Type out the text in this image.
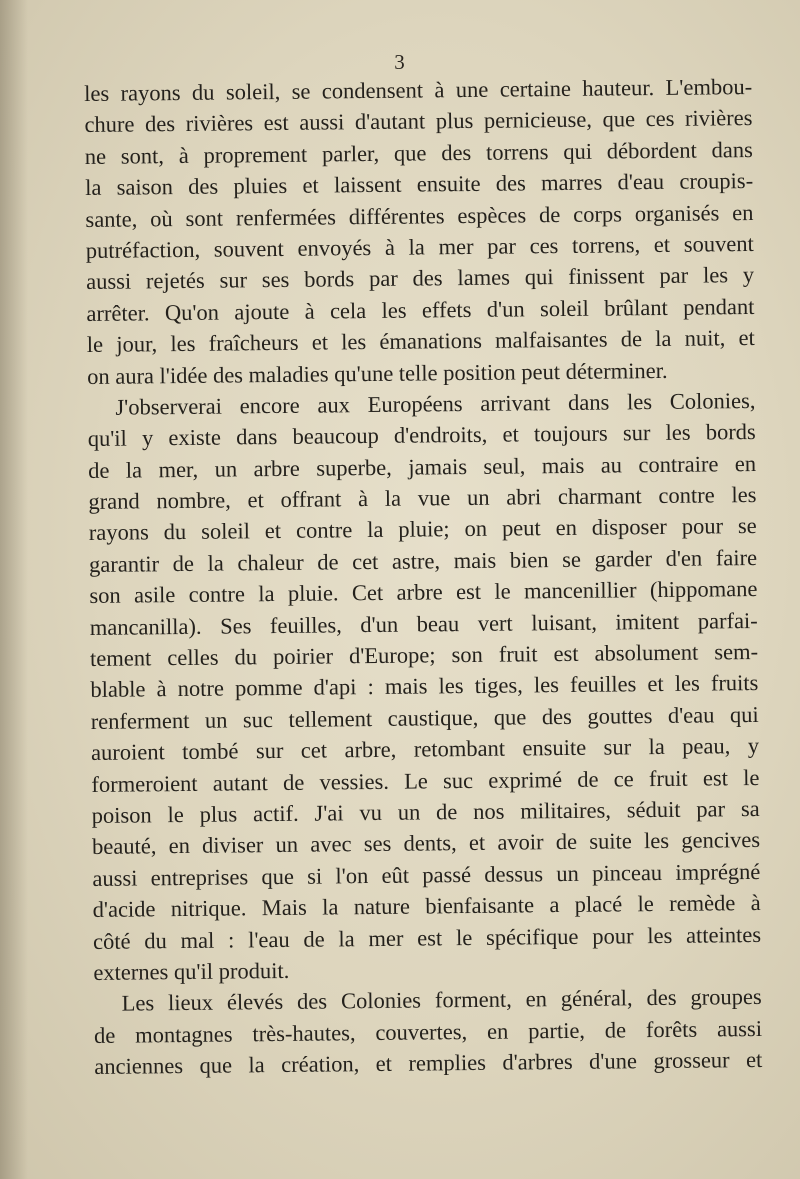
3
les rayons du soleil, se condensent à une certaine hauteur. L'embou-
chure des rivières est aussi d'autant plus pernicieuse, que ces rivières
ne sont, à proprement parler, que des torrens qui débordent dans
la saison des pluies et laissent ensuite des marres d'eau croupis-
sante, où sont renfermées différentes espèces de corps organisés en
putréfaction, souvent envoyés à la mer par ces torrens, et souvent
aussi rejetés sur ses bords par des lames qui finissent par les y
arrêter. Qu'on ajoute à cela les effets d'un soleil brûlant pendant
le jour, les fraîcheurs et les émanations malfaisantes de la nuit, et
on aura l'idée des maladies qu'une telle position peut déterminer.
J'observerai encore aux Européens arrivant dans les Colonies,
qu'il y existe dans beaucoup d'endroits, et toujours sur les bords
de la mer, un arbre superbe, jamais seul, mais au contraire en
grand nombre, et offrant à la vue un abri charmant contre les
rayons du soleil et contre la pluie; on peut en disposer pour se
garantir de la chaleur de cet astre, mais bien se garder d'en faire
son asile contre la pluie. Cet arbre est le mancenillier (hippomane
mancanilla). Ses feuilles, d'un beau vert luisant, imitent parfai-
tement celles du poirier d'Europe; son fruit est absolument sem-
blable à notre pomme d'api : mais les tiges, les feuilles et les fruits
renferment un suc tellement caustique, que des gouttes d'eau qui
auroient tombé sur cet arbre, retombant ensuite sur la peau, y
formeroient autant de vessies. Le suc exprimé de ce fruit est le
poison le plus actif. J'ai vu un de nos militaires, séduit par sa
beauté, en diviser un avec ses dents, et avoir de suite les gencives
aussi entreprises que si l'on eût passé dessus un pinceau imprégné
d'acide nitrique. Mais la nature bienfaisante a placé le remède à
côté du mal : l'eau de la mer est le spécifique pour les atteintes
externes qu'il produit.
Les lieux élevés des Colonies forment, en général, des groupes
de montagnes très-hautes, couvertes, en partie, de forêts aussi
anciennes que la création, et remplies d'arbres d'une grosseur et
